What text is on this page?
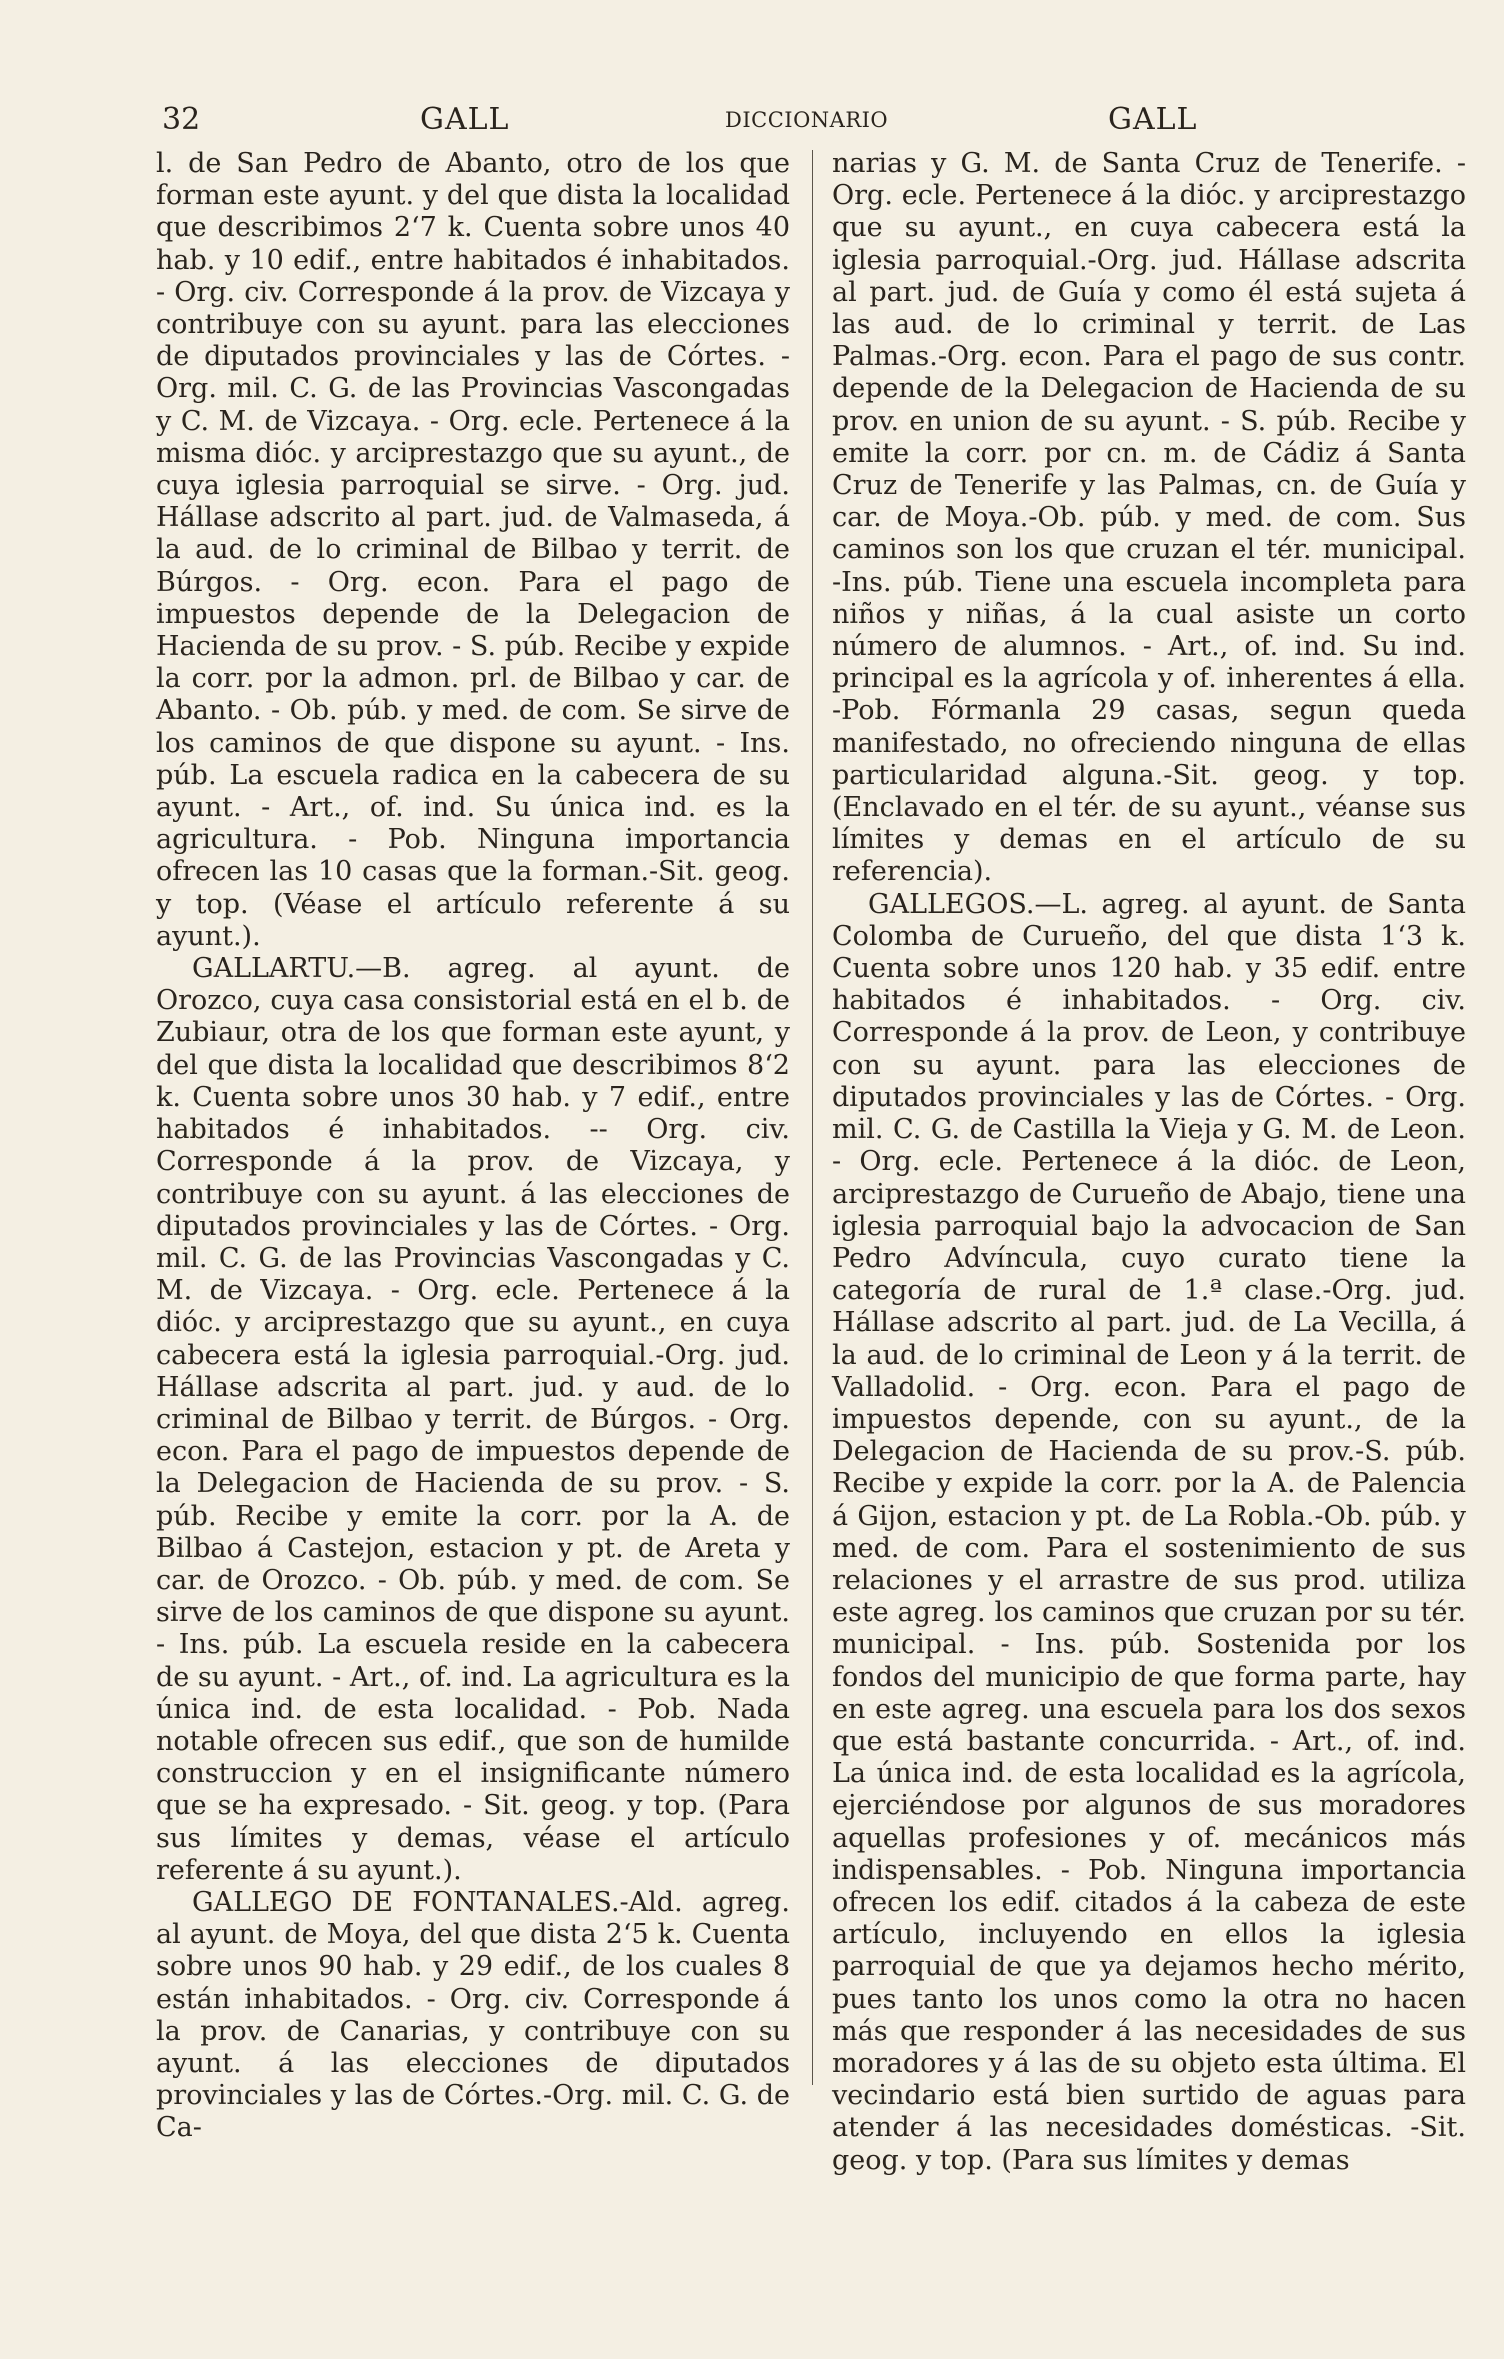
32	GALL	DICCIONARIO	GALL

l. de San Pedro de Abanto, otro de los que forman este ayunt. y del que dista la localidad que describimos 2‘7 k. Cuenta sobre unos 40 hab. y 10 edif., entre habitados é inhabitados. - Org. civ. Corresponde á la prov. de Vizcaya y contribuye con su ayunt. para las elecciones de diputados provinciales y las de Córtes. - Org. mil. C. G. de las Provincias Vascongadas y C. M. de Vizcaya. - Org. ecle. Pertenece á la misma dióc. y arciprestazgo que su ayunt., de cuya iglesia parroquial se sirve. - Org. jud. Hállase adscrito al part. jud. de Valmaseda, á la aud. de lo criminal de Bilbao y territ. de Búrgos. - Org. econ. Para el pago de impuestos depende de la Delegacion de Hacienda de su prov. - S. púb. Recibe y expide la corr. por la admon. prl. de Bilbao y car. de Abanto. - Ob. púb. y med. de com. Se sirve de los caminos de que dispone su ayunt. - Ins. púb. La escuela radica en la cabecera de su ayunt. - Art., of. ind. Su única ind. es la agricultura. - Pob. Ninguna importancia ofrecen las 10 casas que la forman.-Sit. geog. y top. (Véase el artículo referente á su ayunt.).

GALLARTU.—B. agreg. al ayunt. de Orozco, cuya casa consistorial está en el b. de Zubiaur, otra de los que forman este ayunt, y del que dista la localidad que describimos 8‘2 k. Cuenta sobre unos 30 hab. y 7 edif., entre habitados é inhabitados. -- Org. civ. Corresponde á la prov. de Vizcaya, y contribuye con su ayunt. á las elecciones de diputados provinciales y las de Córtes. - Org. mil. C. G. de las Provincias Vascongadas y C. M. de Vizcaya. - Org. ecle. Pertenece á la dióc. y arciprestazgo que su ayunt., en cuya cabecera está la iglesia parroquial.-Org. jud. Hállase adscrita al part. jud. y aud. de lo criminal de Bilbao y territ. de Búrgos. - Org. econ. Para el pago de impuestos depende de la Delegacion de Hacienda de su prov. - S. púb. Recibe y emite la corr. por la A. de Bilbao á Castejon, estacion y pt. de Areta y car. de Orozco. - Ob. púb. y med. de com. Se sirve de los caminos de que dispone su ayunt. - Ins. púb. La escuela reside en la cabecera de su ayunt. - Art., of. ind. La agricultura es la única ind. de esta localidad. - Pob. Nada notable ofrecen sus edif., que son de humilde construccion y en el insignificante número que se ha expresado. - Sit. geog. y top. (Para sus límites y demas, véase el artículo referente á su ayunt.).

GALLEGO DE FONTANALES.-Ald. agreg. al ayunt. de Moya, del que dista 2‘5 k. Cuenta sobre unos 90 hab. y 29 edif., de los cuales 8 están inhabitados. - Org. civ. Corresponde á la prov. de Canarias, y contribuye con su ayunt. á las elecciones de diputados provinciales y las de Córtes.-Org. mil. C. G. de Ca-

narias y G. M. de Santa Cruz de Tenerife. - Org. ecle. Pertenece á la dióc. y arciprestazgo que su ayunt., en cuya cabecera está la iglesia parroquial.-Org. jud. Hállase adscrita al part. jud. de Guía y como él está sujeta á las aud. de lo criminal y territ. de Las Palmas.-Org. econ. Para el pago de sus contr. depende de la Delegacion de Hacienda de su prov. en union de su ayunt. - S. púb. Recibe y emite la corr. por cn. m. de Cádiz á Santa Cruz de Tenerife y las Palmas, cn. de Guía y car. de Moya.-Ob. púb. y med. de com. Sus caminos son los que cruzan el tér. municipal. -Ins. púb. Tiene una escuela incompleta para niños y niñas, á la cual asiste un corto número de alumnos. - Art., of. ind. Su ind. principal es la agrícola y of. inherentes á ella. -Pob. Fórmanla 29 casas, segun queda manifestado, no ofreciendo ninguna de ellas particularidad alguna.-Sit. geog. y top. (Enclavado en el tér. de su ayunt., véanse sus límites y demas en el artículo de su referencia).

GALLEGOS.—L. agreg. al ayunt. de Santa Colomba de Curueño, del que dista 1‘3 k. Cuenta sobre unos 120 hab. y 35 edif. entre habitados é inhabitados. - Org. civ. Corresponde á la prov. de Leon, y contribuye con su ayunt. para las elecciones de diputados provinciales y las de Córtes. - Org. mil. C. G. de Castilla la Vieja y G. M. de Leon. - Org. ecle. Pertenece á la dióc. de Leon, arciprestazgo de Curueño de Abajo, tiene una iglesia parroquial bajo la advocacion de San Pedro Advíncula, cuyo curato tiene la categoría de rural de 1.ª clase.-Org. jud. Hállase adscrito al part. jud. de La Vecilla, á la aud. de lo criminal de Leon y á la territ. de Valladolid. - Org. econ. Para el pago de impuestos depende, con su ayunt., de la Delegacion de Hacienda de su prov.-S. púb. Recibe y expide la corr. por la A. de Palencia á Gijon, estacion y pt. de La Robla.-Ob. púb. y med. de com. Para el sostenimiento de sus relaciones y el arrastre de sus prod. utiliza este agreg. los caminos que cruzan por su tér. municipal. - Ins. púb. Sostenida por los fondos del municipio de que forma parte, hay en este agreg. una escuela para los dos sexos que está bastante concurrida. - Art., of. ind. La única ind. de esta localidad es la agrícola, ejerciéndose por algunos de sus moradores aquellas profesiones y of. mecánicos más indispensables. - Pob. Ninguna importancia ofrecen los edif. citados á la cabeza de este artículo, incluyendo en ellos la iglesia parroquial de que ya dejamos hecho mérito, pues tanto los unos como la otra no hacen más que responder á las necesidades de sus moradores y á las de su objeto esta última. El vecindario está bien surtido de aguas para atender á las necesidades domésticas. -Sit. geog. y top. (Para sus límites y demas
